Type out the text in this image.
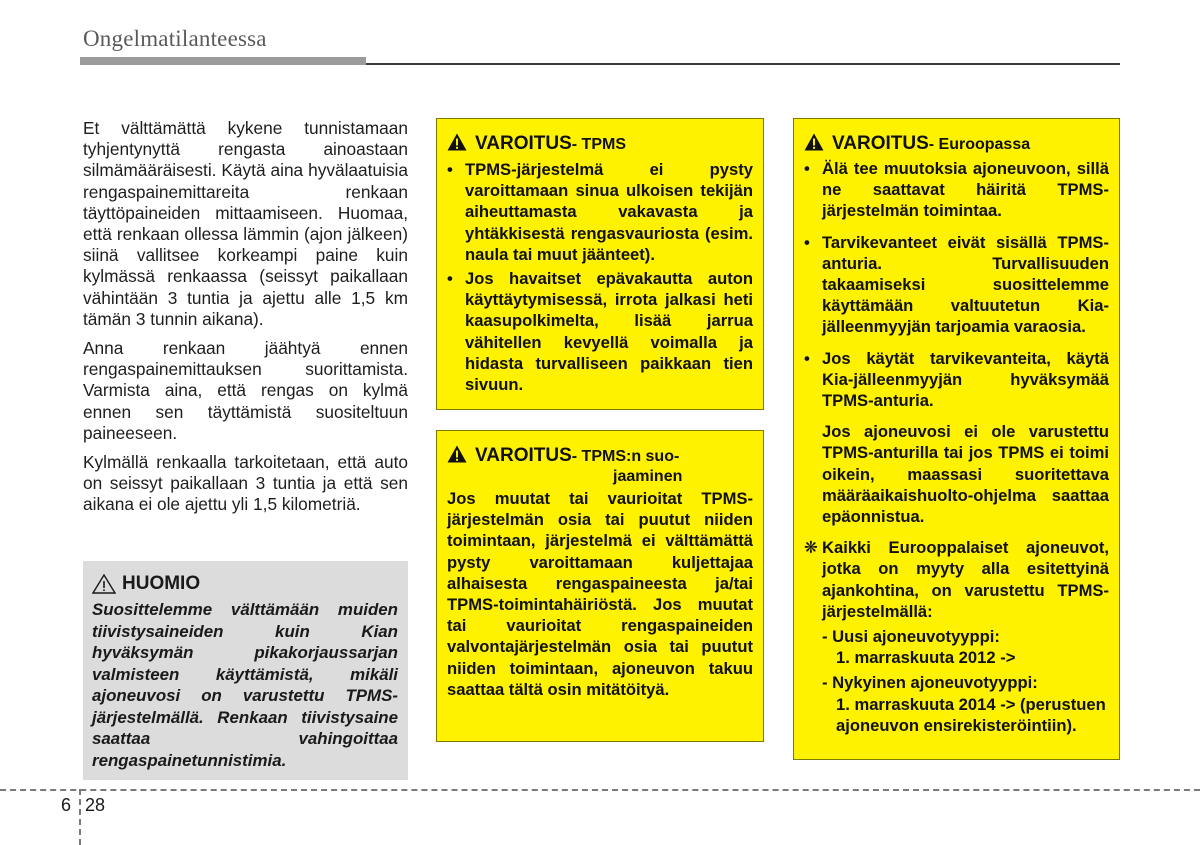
Ongelmatilanteessa

Et välttämättä kykene tunnistamaan tyhjentynyttä rengasta ainoastaan silmämääräisesti. Käytä aina hyvälaatuisia rengaspainemittareita renkaan täyttöpaineiden mittaamiseen. Huomaa, että renkaan ollessa lämmin (ajon jälkeen) siinä vallitsee korkeampi paine kuin kylmässä renkaassa (seissyt paikallaan vähintään 3 tuntia ja ajettu alle 1,5 km tämän 3 tunnin aikana).

Anna renkaan jäähtyä ennen rengaspainemittauksen suorittamista. Varmista aina, että rengas on kylmä ennen sen täyttämistä suositeltuun paineeseen.

Kylmällä renkaalla tarkoitetaan, että auto on seissyt paikallaan 3 tuntia ja että sen aikana ei ole ajettu yli 1,5 kilometriä.

HUOMIO
Suosittelemme välttämään muiden tiivistysaineiden kuin Kian hyväksymän pikakorjaussarjan valmisteen käyttämistä, mikäli ajoneuvosi on varustettu TPMS-järjestelmällä. Renkaan tiivistysaine saattaa vahingoittaa rengaspainetunnistimia.
VAROITUS - TPMS
• TPMS-järjestelmä ei pysty varoittamaan sinua ulkoisen tekijän aiheuttamasta vakavasta ja yhtäkkisestä rengasvauriosta (esim. naula tai muut jäänteet).
• Jos havaitset epävakautta auton käyttäytymisessä, irrota jalkasi heti kaasupolkimelta, lisää jarrua vähitellen kevyellä voimalla ja hidasta turvalliseen paikkaan tien sivuun.
VAROITUS - TPMS:n suo-
jaaminen
Jos muutat tai vaurioitat TPMS-järjestelmän osia tai puutut niiden toimintaan, järjestelmä ei välttämättä pysty varoittamaan kuljettajaa alhaisesta rengaspaineesta ja/tai TPMS-toimintahäiriöstä. Jos muutat tai vaurioitat rengaspaineiden valvontajärjestelmän osia tai puutut niiden toimintaan, ajoneuvon takuu saattaa tältä osin mitätöityä.
VAROITUS - Euroopassa
• Älä tee muutoksia ajoneuvoon, sillä ne saattavat häiritä TPMS-järjestelmän toimintaa.
• Tarvikevanteet eivät sisällä TPMS-anturia. Turvallisuuden takaamiseksi suosittelemme käyttämään valtuutetun Kia-jälleenmyyjän tarjoamia varaosia.
• Jos käytät tarvikevanteita, käytä Kia-jälleenmyyjän hyväksymää TPMS-anturia.
Jos ajoneuvosi ei ole varustettu TPMS-anturilla tai jos TPMS ei toimi oikein, maassasi suoritettava määräaikaishuolto-ohjelma saattaa epäonnistua.
❋ Kaikki Eurooppalaiset ajoneuvot, jotka on myyty alla esitettyinä ajankohtina, on varustettu TPMS-järjestelmällä:
- Uusi ajoneuvotyyppi:
1. marraskuuta 2012 ->
- Nykyinen ajoneuvotyyppi:
1. marraskuuta 2014 -> (perustuen ajoneuvon ensirekisteröintiin).
6 28
